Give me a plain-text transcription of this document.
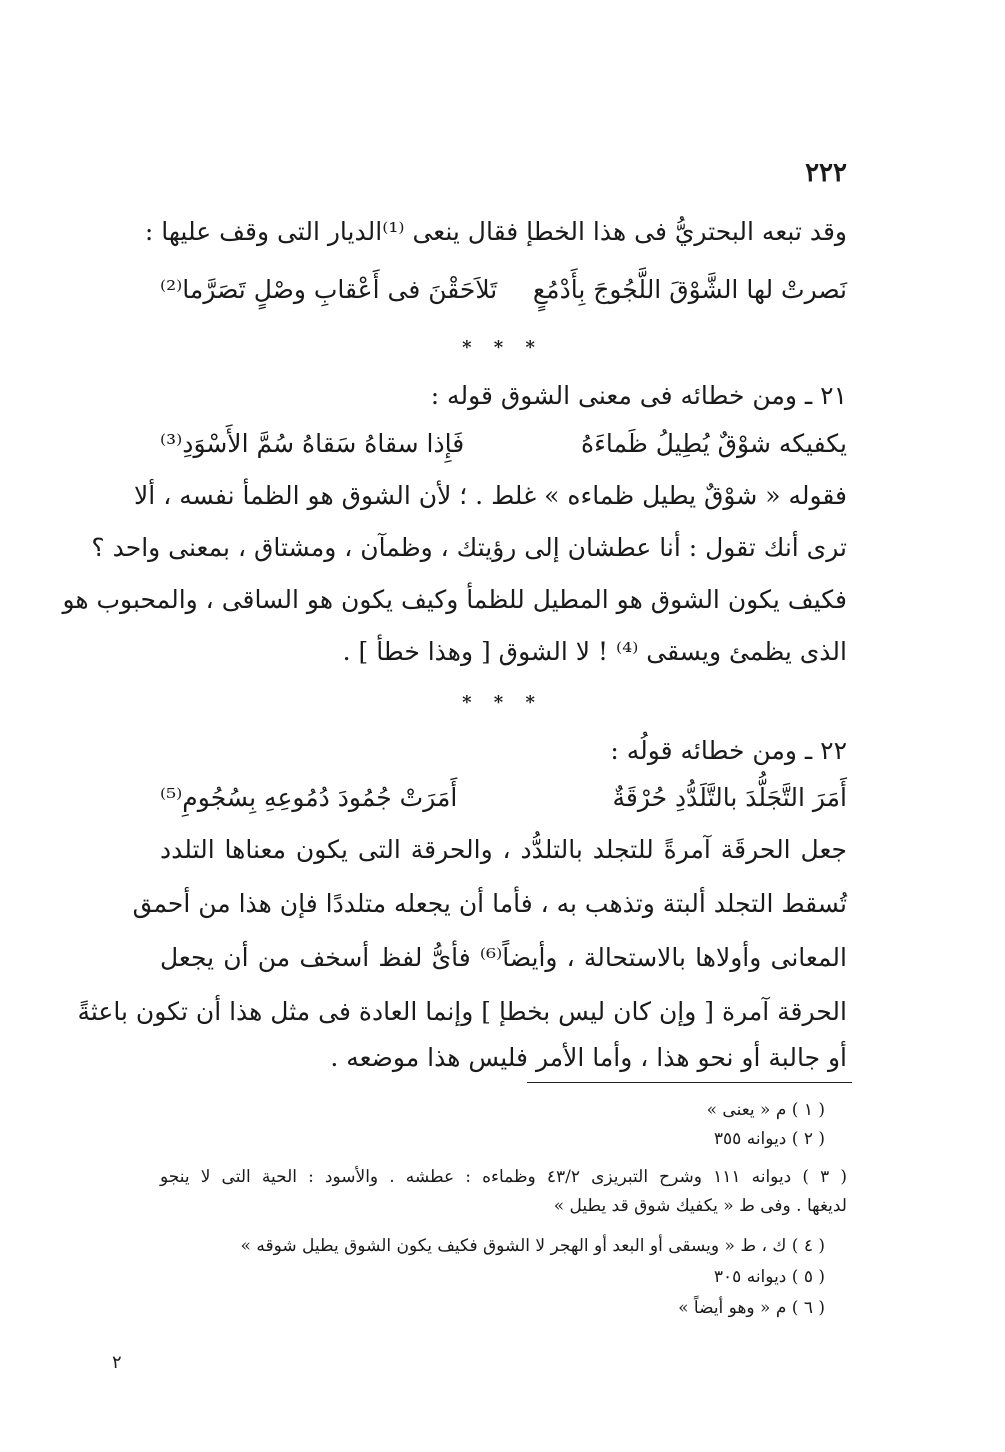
٢٢٢
وقد تبعه البحتريُّ فى هذا الخطإ فقال ينعى ⁽¹⁾الديار التى وقف عليها :
نَصرتْ لها الشَّوْقَ اللَّجُوجَ بِأَدْمُعٍ
تَلاَحَقْنَ فى أَعْقابِ وصْلٍ تَصَرَّما⁽²⁾
* * *
٢١ ـ ومن خطائه فى معنى الشوق قوله :
يكفيكه شوْقٌ يُطِيلُ ظَماءَهُ
فَإِذا سقاهُ سَقاهُ سُمَّ الأَسْوَدِ⁽³⁾
فقوله « شوْقٌ يطيل ظماءه » غلط . ؛ لأن الشوق هو الظمأ نفسه ، ألا
ترى أنك تقول : أنا عطشان إلى رؤيتك ، وظمآن ، ومشتاق ، بمعنى واحد ؟
فكيف يكون الشوق هو المطيل للظمأ وكيف يكون هو الساقى ، والمحبوب هو
الذى يظمئ ويسقى ⁽⁴⁾ ! لا الشوق [ وهذا خطأ ] .
* * *
٢٢ ـ ومن خطائه قولُه :
أَمَرَ التَّجَلُّدَ بالتَّلَدُّدِ حُرْقَةٌ
أَمَرَتْ جُمُودَ دُمُوعِهِ بِسُجُومِ⁽⁵⁾
جعل الحرقَة آمرةً للتجلد بالتلدُّد ، والحرقة التى يكون معناها التلدد
تُسقط التجلد ألبتة وتذهب به ، فأما أن يجعله متلددًا فإن هذا من أحمق
المعانى وأولاها بالاستحالة ، وأيضاً⁽⁶⁾ فأىُّ لفظ أسخف من أن يجعل
الحرقة آمرة [ وإن كان ليس بخطإ ] وإنما العادة فى مثل هذا أن تكون باعثةً
أو جالبة أو نحو هذا ، وأما الأمر فليس هذا موضعه .
( ١ ) م « يعنى »
( ٢ ) ديوانه ٣٥٥
( ٣ ) ديوانه ١١١ وشرح التبريزى ٤٣/٢ وظماءه : عطشه . والأسود : الحية التى لا ينجو
لديغها . وفى ط « يكفيك شوق قد يطيل »
( ٤ ) ك ، ط « ويسقى أو البعد أو الهجر لا الشوق فكيف يكون الشوق يطيل شوقه »
( ٥ ) ديوانه ٣٠٥
( ٦ ) م « وهو أيضاً »
٢
